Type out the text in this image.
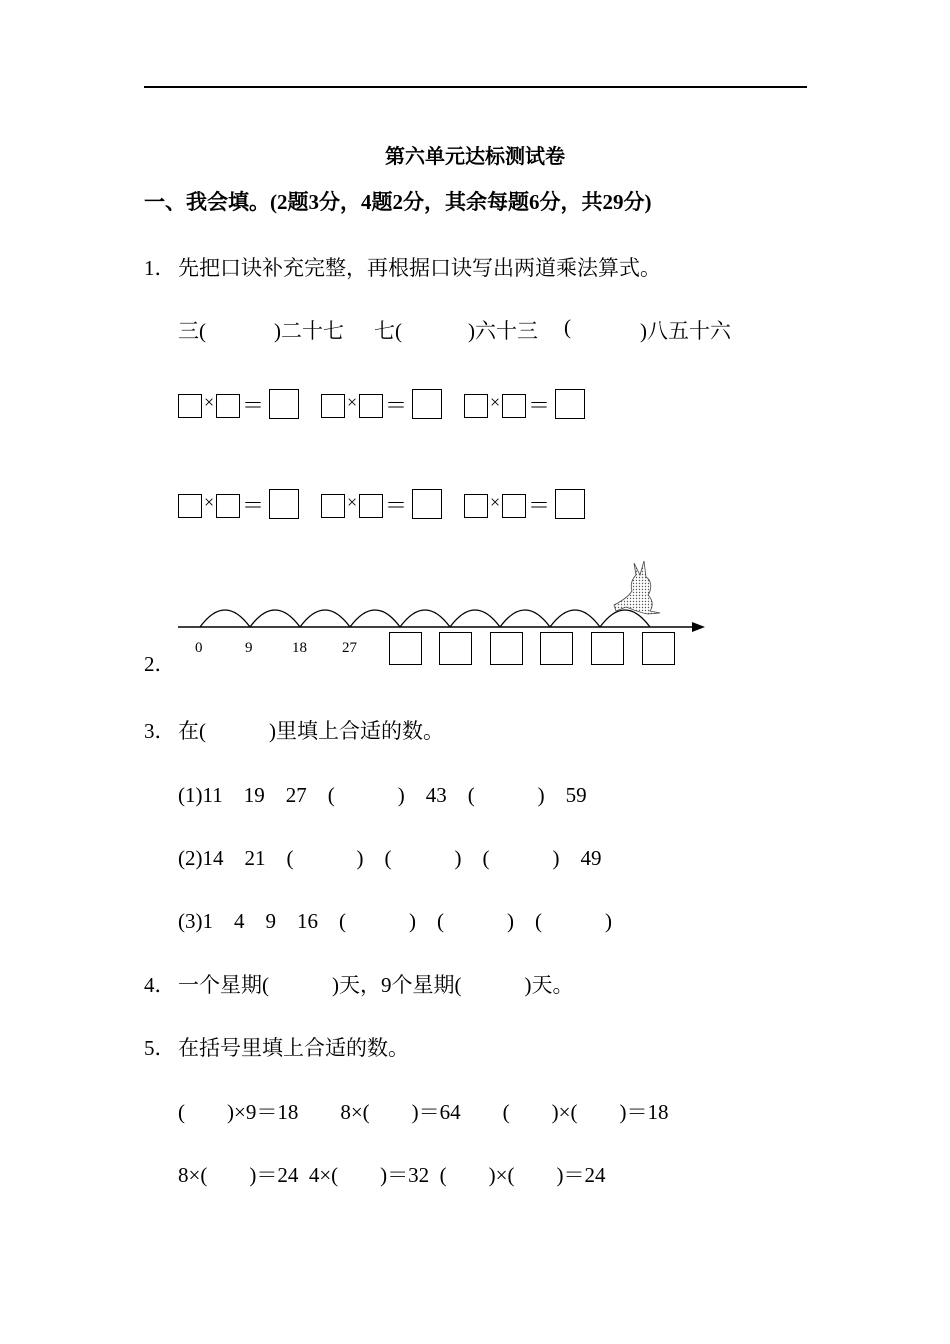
第六单元达标测试卷
一、我会填。(2题3分，4题2分，其余每题6分，共29分)
1． 先把口诀补充完整，再根据口诀写出两道乘法算式。
三(	)二十七 七(	)六十三 (	)八五十六
× ＝	× ＝	× ＝
× ＝	× ＝	× ＝
2．
0	9	18 27
3． 在(　　　)里填上合适的数。
(1)11　19　27　(　　　)　43　(　　　)　59
(2)14　21　(　　　)　(　　　)　(　　　)　49
(3)1　4　9　16　(　　　)　(　　　)　(　　　)
4． 一个星期(　　　)天，9个星期(　　　)天。
5． 在括号里填上合适的数。
(　　)×9＝18　　8×(　　)＝64　　(　　)×(　　)＝18
8×(　　)＝24  4×(　　)＝32  (　　)×(　　)＝24
